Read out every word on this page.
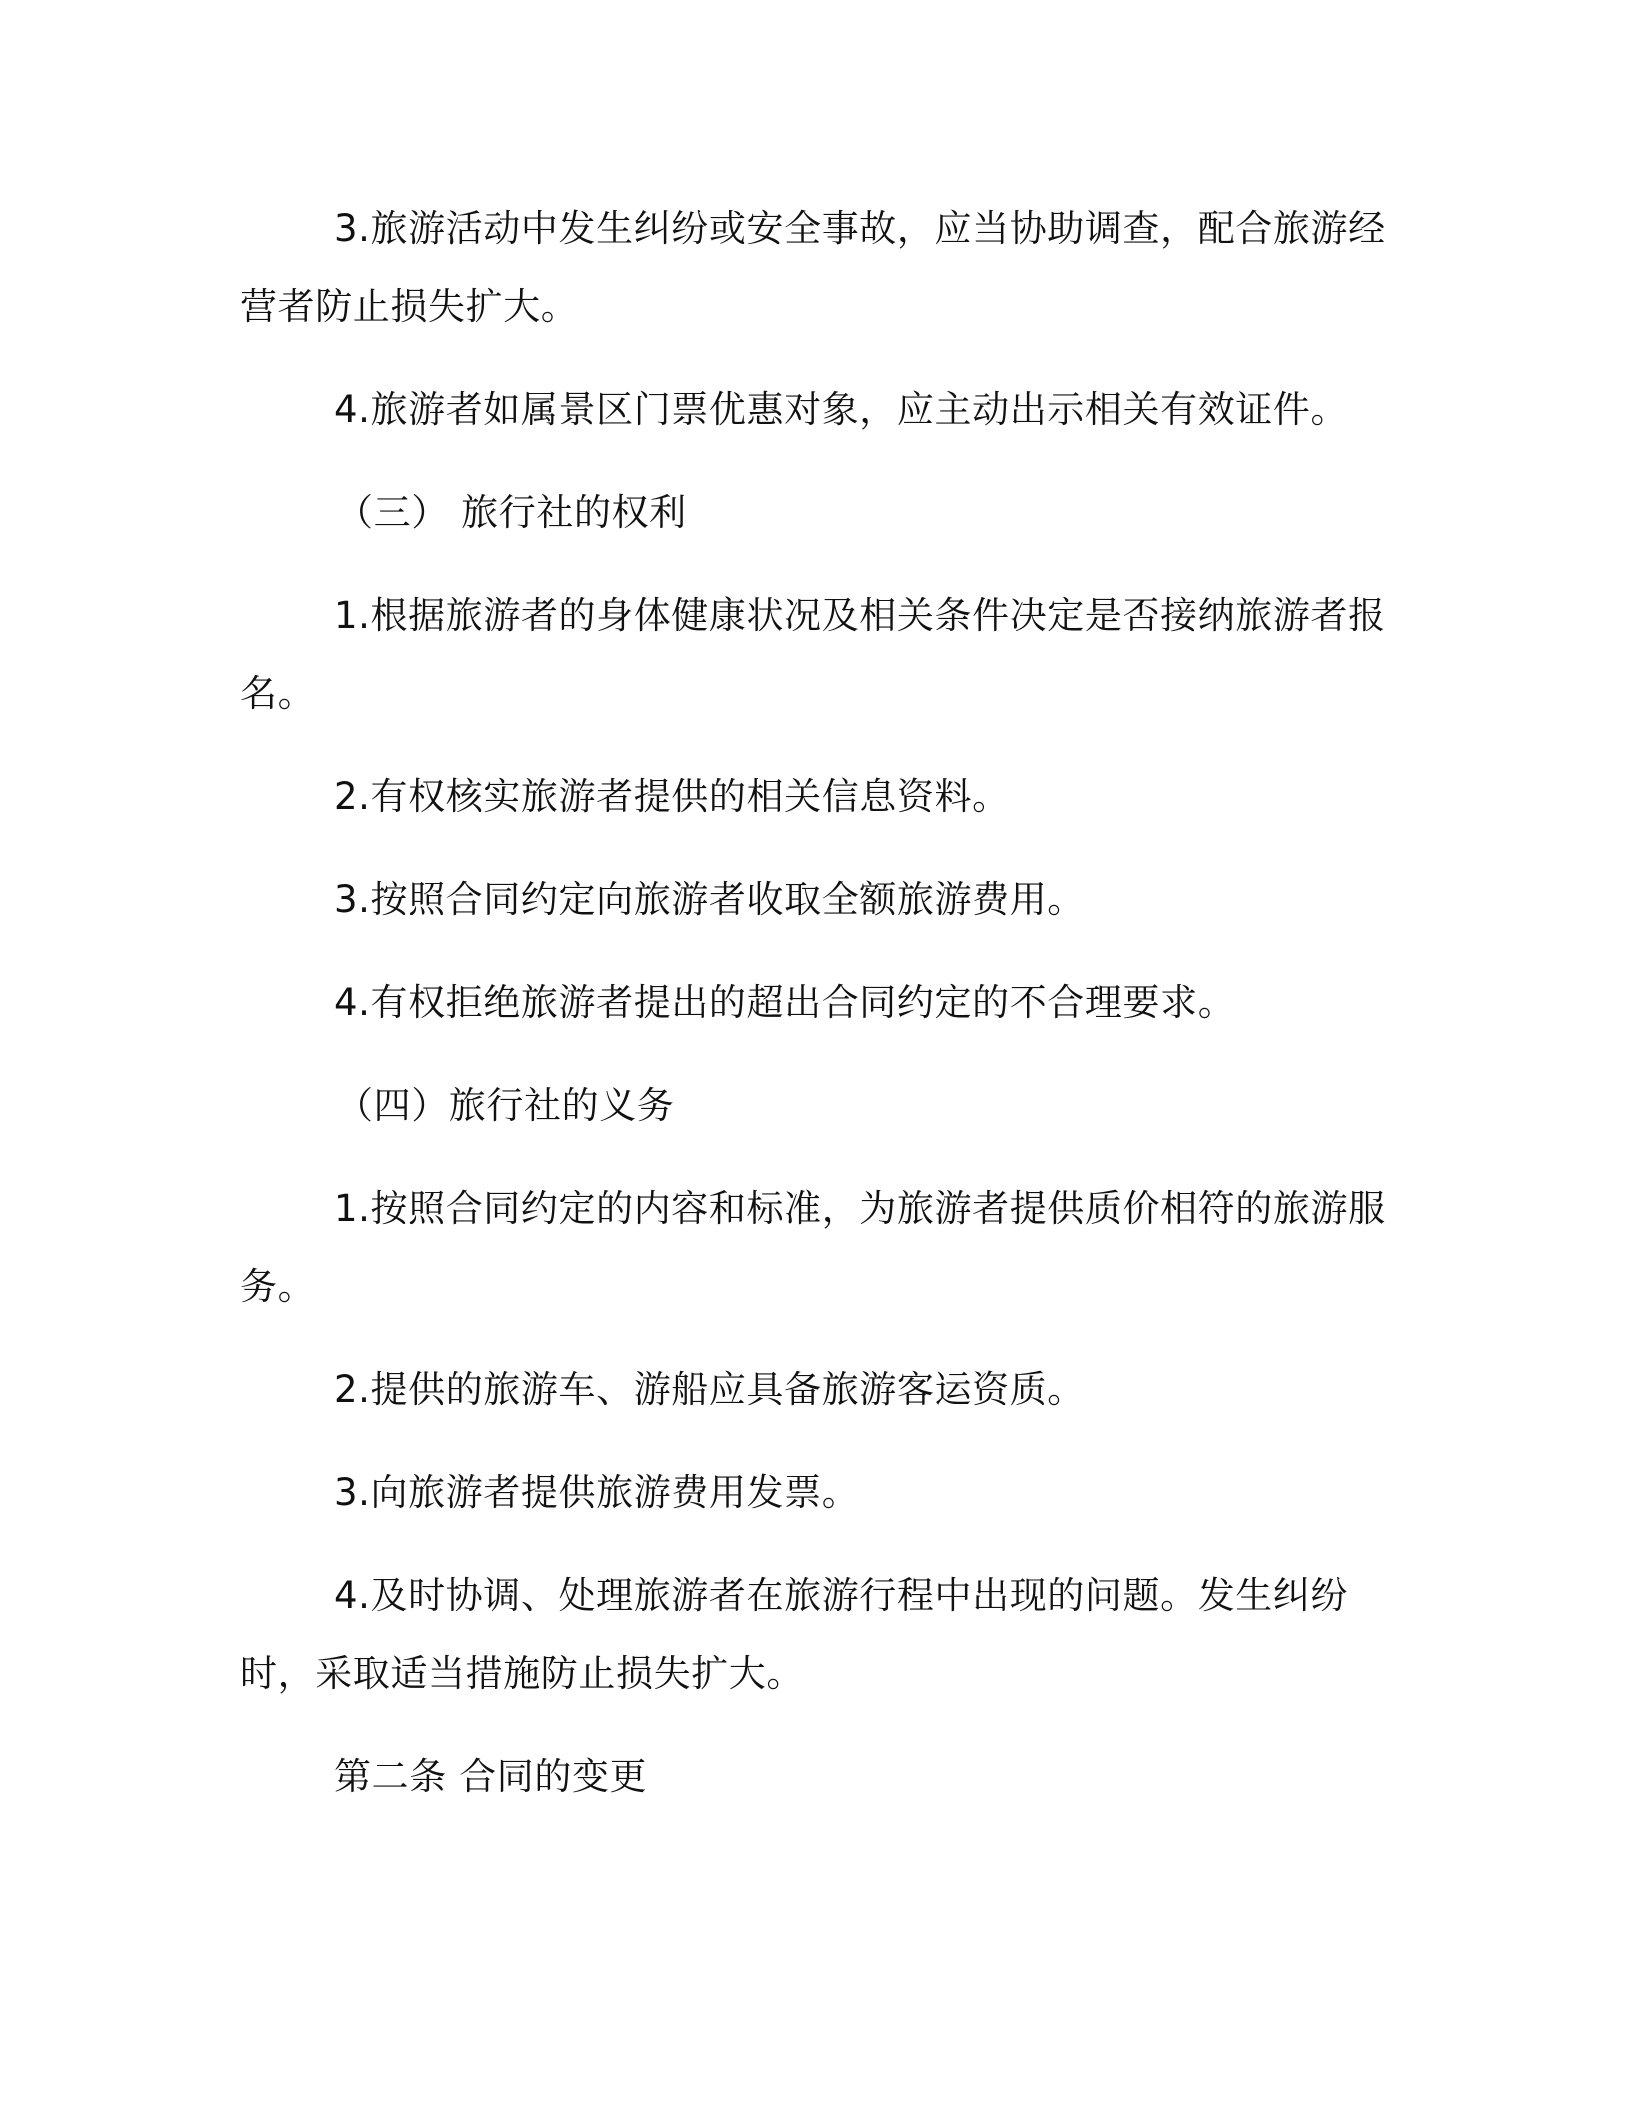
3.旅游活动中发生纠纷或安全事故，应当协助调查，配合旅游经营者防止损失扩大。

4.旅游者如属景区门票优惠对象，应主动出示相关有效证件。

（三） 旅行社的权利

1.根据旅游者的身体健康状况及相关条件决定是否接纳旅游者报名。

2.有权核实旅游者提供的相关信息资料。

3.按照合同约定向旅游者收取全额旅游费用。

4.有权拒绝旅游者提出的超出合同约定的不合理要求。

（四）旅行社的义务

1.按照合同约定的内容和标准，为旅游者提供质价相符的旅游服务。

2.提供的旅游车、游船应具备旅游客运资质。

3.向旅游者提供旅游费用发票。

4.及时协调、处理旅游者在旅游行程中出现的问题。发生纠纷时，采取适当措施防止损失扩大。

第二条 合同的变更
